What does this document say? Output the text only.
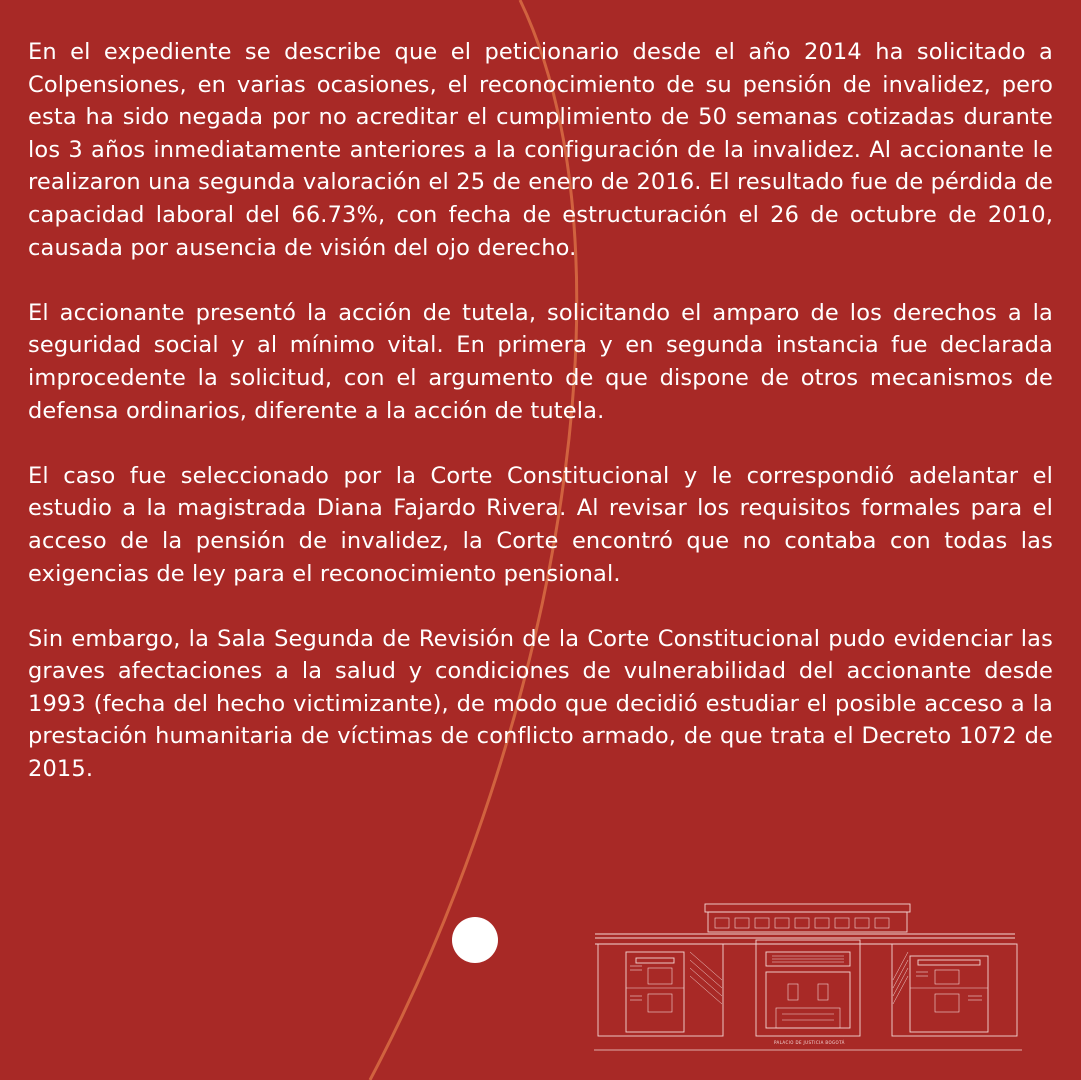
En el expediente se describe que el peticionario desde el año 2014 ha solicitado a Colpensiones, en varias ocasiones, el reconocimiento de su pensión de invalidez, pero esta ha sido negada por no acreditar el cumplimiento de 50 semanas cotizadas durante los 3 años inmediatamente anteriores a la configuración de la invalidez. Al accionante le realizaron una segunda valoración el 25 de enero de 2016. El resultado fue de pérdida de capacidad laboral del 66.73%, con fecha de estructuración el 26 de octubre de 2010, causada por ausencia de visión del ojo derecho.

El accionante presentó la acción de tutela, solicitando el amparo de los derechos a la seguridad social y al mínimo vital. En primera y en segunda instancia fue declarada improcedente la solicitud, con el argumento de que dispone de otros mecanismos de defensa ordinarios, diferente a la acción de tutela.

El caso fue seleccionado por la Corte Constitucional y le correspondió adelantar el estudio a la magistrada Diana Fajardo Rivera. Al revisar los requisitos formales para el acceso de la pensión de invalidez, la Corte encontró que no contaba con todas las exigencias de ley para el reconocimiento pensional.

Sin embargo, la Sala Segunda de Revisión de la Corte Constitucional pudo evidenciar las graves afectaciones a la salud y condiciones de vulnerabilidad del accionante desde 1993 (fecha del hecho victimizante), de modo que decidió estudiar el posible acceso a la prestación humanitaria de víctimas de conflicto armado, de que trata el Decreto 1072 de 2015.

PALACIO DE JUSTICIA BOGOTÁ
